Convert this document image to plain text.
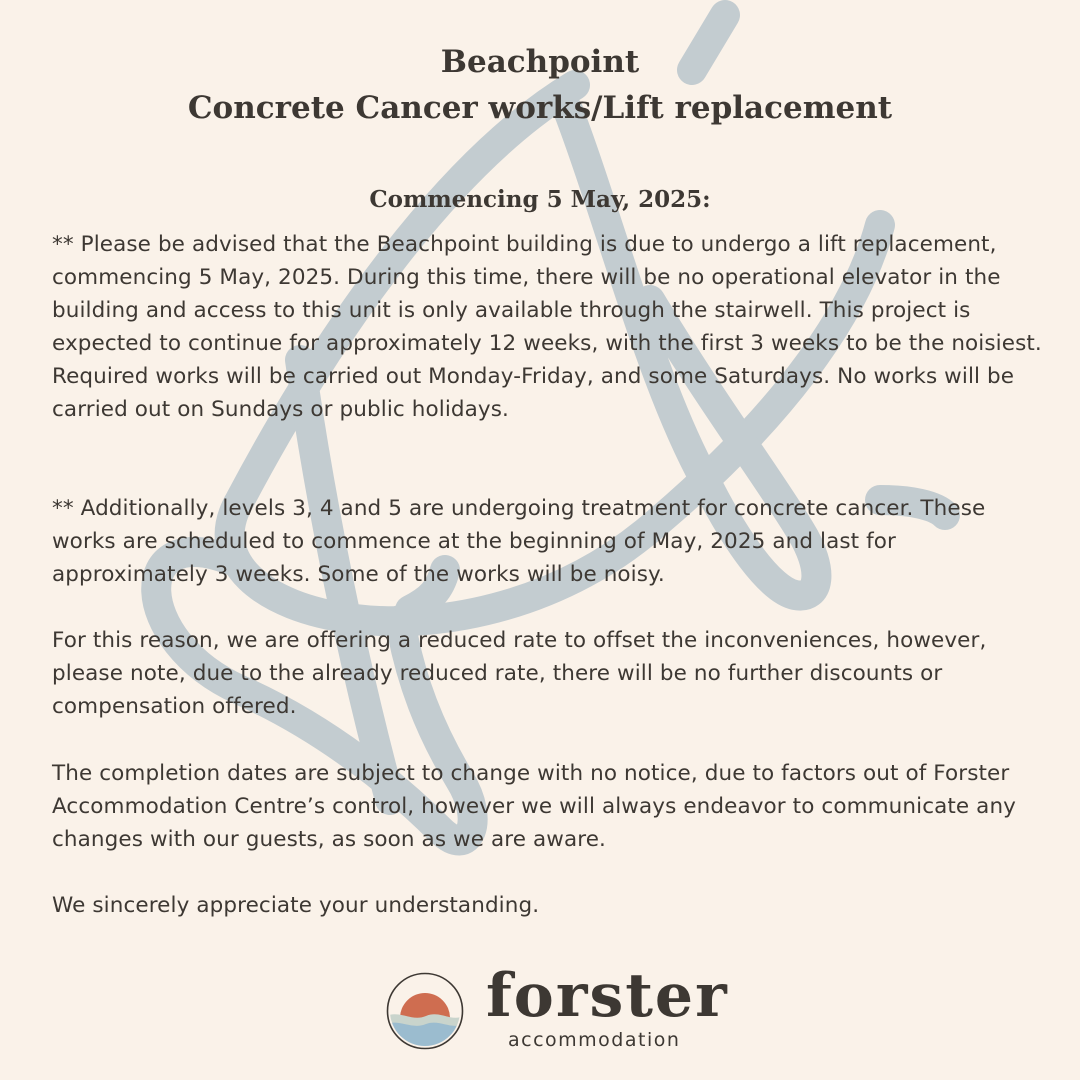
Beachpoint
Concrete Cancer works/Lift replacement
Commencing 5 May, 2025:

** Please be advised that the Beachpoint building is due to undergo a lift replacement, commencing 5 May, 2025. During this time, there will be no operational elevator in the building and access to this unit is only available through the stairwell. This project is expected to continue for approximately 12 weeks, with the first 3 weeks to be the noisiest. Required works will be carried out Monday-Friday, and some Saturdays. No works will be carried out on Sundays or public holidays.

** Additionally, levels 3, 4 and 5 are undergoing treatment for concrete cancer. These works are scheduled to commence at the beginning of May, 2025 and last for approximately 3 weeks. Some of the works will be noisy.

For this reason, we are offering a reduced rate to offset the inconveniences, however, please note, due to the already reduced rate, there will be no further discounts or compensation offered.

The completion dates are subject to change with no notice, due to factors out of Forster Accommodation Centre’s control, however we will always endeavor to communicate any changes with our guests, as soon as we are aware.

We sincerely appreciate your understanding.

forster
accommodation
